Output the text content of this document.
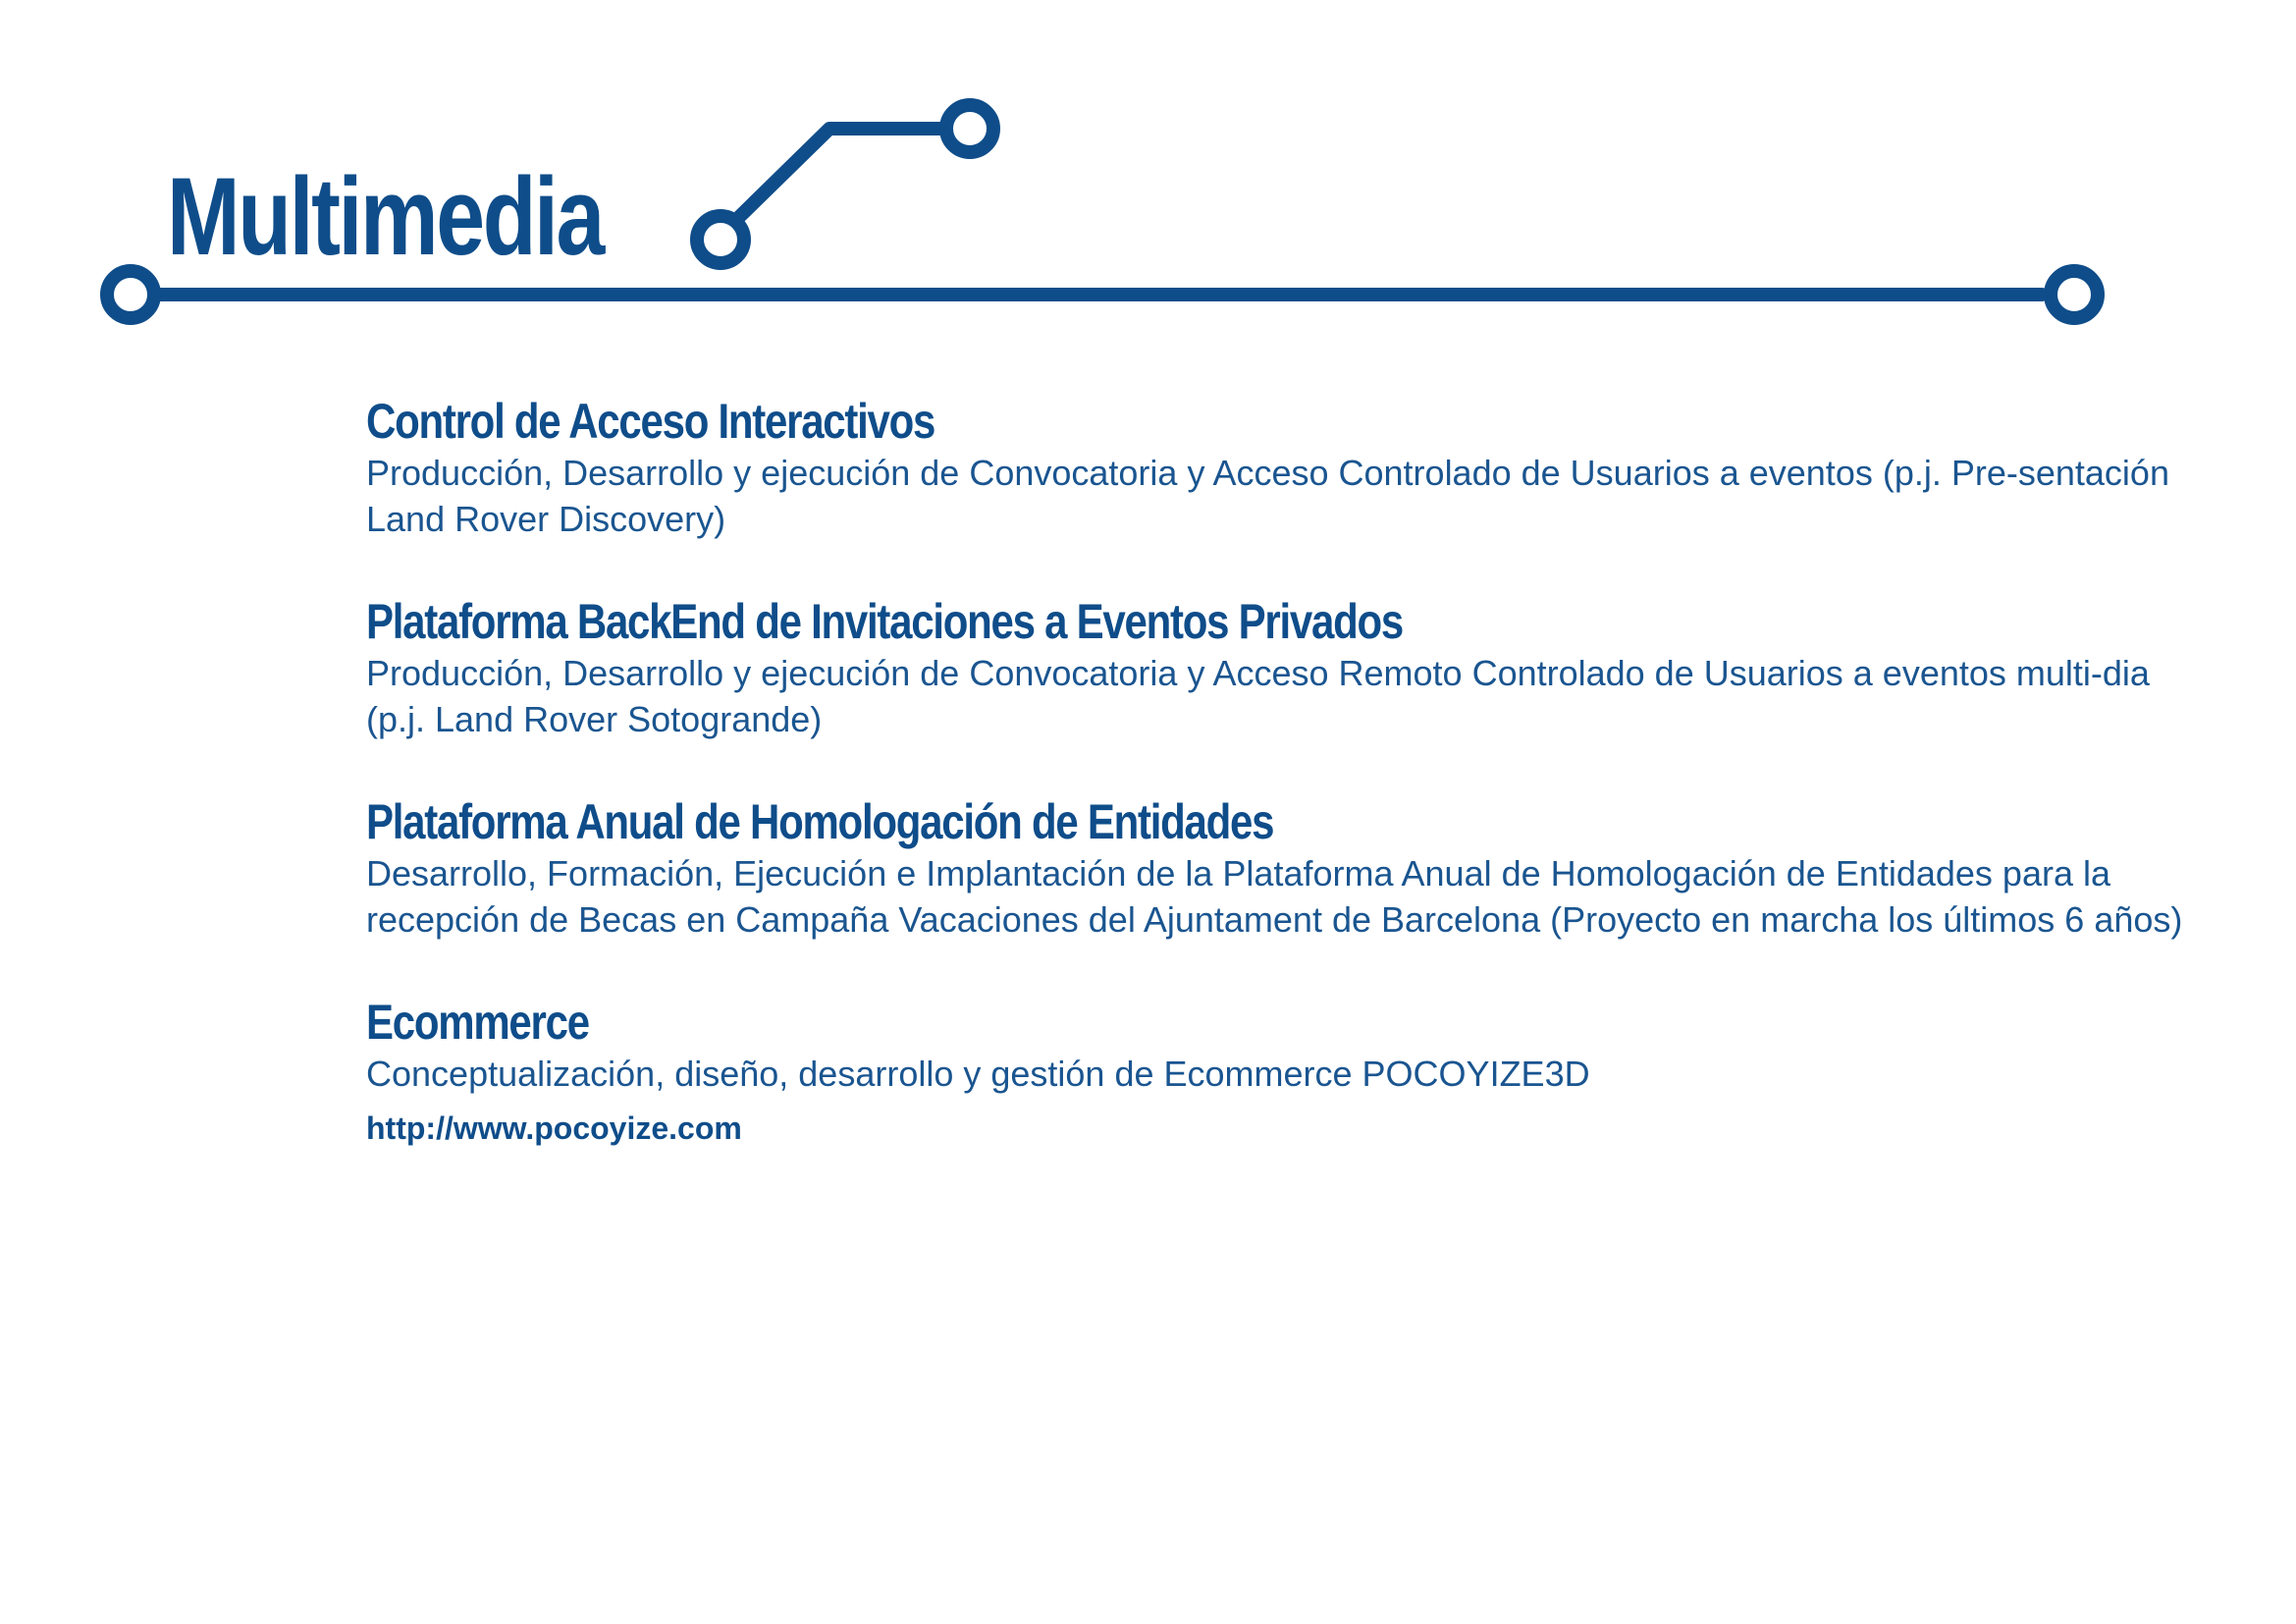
Multimedia
Control de Acceso Interactivos

Producción, Desarrollo y ejecución de Convocatoria y Acceso Controlado de Usuarios a eventos (p.j. Pre-sentación Land Rover Discovery)

Plataforma BackEnd de Invitaciones a Eventos Privados

Producción, Desarrollo y ejecución de Convocatoria y Acceso Remoto Controlado de Usuarios a eventos multi-dia (p.j. Land Rover Sotogrande)

Plataforma Anual de Homologación de Entidades

Desarrollo, Formación, Ejecución e Implantación de la Plataforma Anual de Homologación de Entidades para la recepción de Becas en Campaña Vacaciones del Ajuntament de Barcelona (Proyecto en marcha los últimos 6 años)

Ecommerce

Conceptualización, diseño, desarrollo y gestión de Ecommerce POCOYIZE3D

http://www.pocoyize.com
